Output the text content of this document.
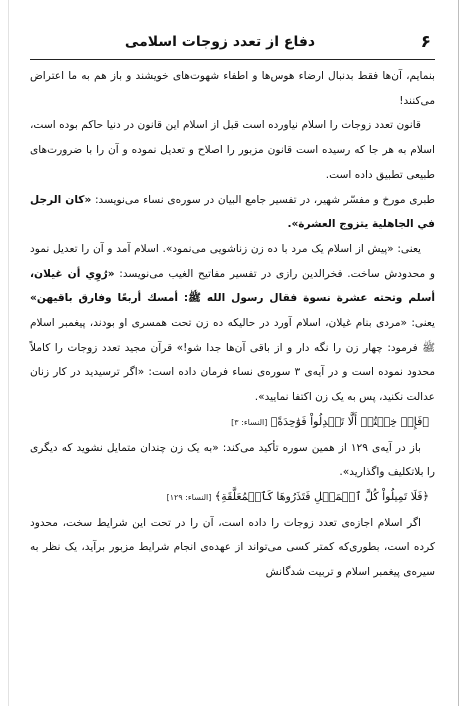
۶
دفاع از تعدد زوجات اسلامی

بنمایم، آن‌ها فقط بدنبال ارضاء هوس‌ها و اطفاء شهوت‌های خویشند و باز هم به ما اعتراض می‌کنند!

قانون تعدد زوجات را اسلام نیاورده است قبل از اسلام این قانون در دنیا حاکم بوده است، اسلام به هر جا که رسیده است قانون مزبور را اصلاح و تعدیل نموده و آن را با ضرورت‌های طبیعی تطبیق داده است.

طبری مورخ و مفسّر شهیر، در تفسیر جامع البیان در سوره‌ی نساء می‌نویسد: «كان الرجل في الجاهلية يتزوج العشرة».

یعنی: «پیش از اسلام یک مرد با ده زن زناشویی می‌نمود». اسلام آمد و آن را تعدیل نمود و محدودش ساخت. فخرالدین رازی در تفسیر مفاتیح الغیب می‌نویسد: «رُوِي أن غيلان، أسلم وتحته عشرة نسوة فقال رسول الله ﷺ: أمسك أربعًا وفارق باقيهن» یعنی: «مردی بنام غیلان، اسلام آورد در حالیکه ده زن تحت همسری او بودند، پیغمبر اسلام ﷺ فرمود: چهار زن را نگه دار و از باقی آن‌ها جدا شو!» قرآن مجید تعدد زوجات را کاملاً محدود نموده است و در آیه‌ی ۳ سوره‌ی نساء فرمان داده است: «اگر ترسیدید در کار زنان عدالت نکنید، پس به یک زن اکتفا نمایید».

﴿فَإِنۡ خِفۡتُمۡ أَلَّا تَعۡدِلُواْ فَوَٰحِدَةً﴾ [النساء: ۳]

باز در آیه‌ی ۱۲۹ از همین سوره تأکید می‌کند: «به یک زن چندان متمایل نشوید که دیگری را بلاتکلیف واگذارید».

﴿فَلَا تَمِيلُواْ كُلَّ ٱلۡمَيۡلِ فَتَذَرُوهَا كَٱلۡمُعَلَّقَةِ﴾ [النساء: ۱۲۹]

اگر اسلام اجازه‌ی تعدد زوجات را داده است، آن را در تحت این شرایط سخت، محدود کرده است، بطوری‌که کمتر کسی می‌تواند از عهده‌ی انجام شرایط مزبور برآید، یک نظر به سیره‌ی پیغمبر اسلام و تربیت شدگانش
